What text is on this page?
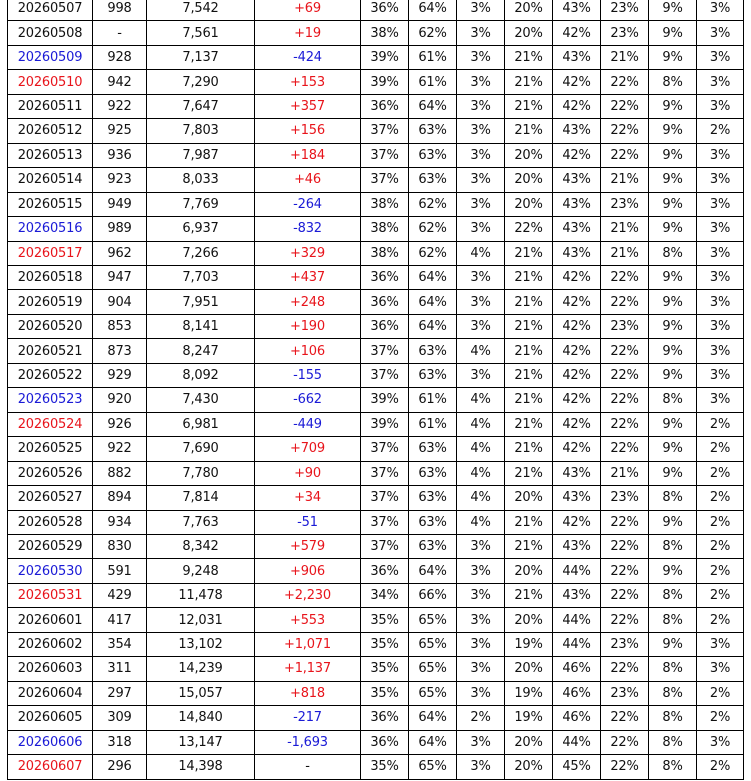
20260507	998	7,542	+69	36%	64%	3%	20%	43%	23%	9%	3%
20260508	-	7,561	+19	38%	62%	3%	20%	42%	23%	9%	3%
20260509	928	7,137	-424	39%	61%	3%	21%	43%	21%	9%	3%
20260510	942	7,290	+153	39%	61%	3%	21%	42%	22%	8%	3%
20260511	922	7,647	+357	36%	64%	3%	21%	42%	22%	9%	3%
20260512	925	7,803	+156	37%	63%	3%	21%	43%	22%	9%	2%
20260513	936	7,987	+184	37%	63%	3%	20%	42%	22%	9%	3%
20260514	923	8,033	+46	37%	63%	3%	20%	43%	21%	9%	3%
20260515	949	7,769	-264	38%	62%	3%	20%	43%	23%	9%	3%
20260516	989	6,937	-832	38%	62%	3%	22%	43%	21%	9%	3%
20260517	962	7,266	+329	38%	62%	4%	21%	43%	21%	8%	3%
20260518	947	7,703	+437	36%	64%	3%	21%	42%	22%	9%	3%
20260519	904	7,951	+248	36%	64%	3%	21%	42%	22%	9%	3%
20260520	853	8,141	+190	36%	64%	3%	21%	42%	23%	9%	3%
20260521	873	8,247	+106	37%	63%	4%	21%	42%	22%	9%	3%
20260522	929	8,092	-155	37%	63%	3%	21%	42%	22%	9%	3%
20260523	920	7,430	-662	39%	61%	4%	21%	42%	22%	8%	3%
20260524	926	6,981	-449	39%	61%	4%	21%	42%	22%	9%	2%
20260525	922	7,690	+709	37%	63%	4%	21%	42%	22%	9%	2%
20260526	882	7,780	+90	37%	63%	4%	21%	43%	21%	9%	2%
20260527	894	7,814	+34	37%	63%	4%	20%	43%	23%	8%	2%
20260528	934	7,763	-51	37%	63%	4%	21%	42%	22%	9%	2%
20260529	830	8,342	+579	37%	63%	3%	21%	43%	22%	8%	2%
20260530	591	9,248	+906	36%	64%	3%	20%	44%	22%	9%	2%
20260531	429	11,478	+2,230	34%	66%	3%	21%	43%	22%	8%	2%
20260601	417	12,031	+553	35%	65%	3%	20%	44%	22%	8%	2%
20260602	354	13,102	+1,071	35%	65%	3%	19%	44%	23%	9%	3%
20260603	311	14,239	+1,137	35%	65%	3%	20%	46%	22%	8%	3%
20260604	297	15,057	+818	35%	65%	3%	19%	46%	23%	8%	2%
20260605	309	14,840	-217	36%	64%	2%	19%	46%	22%	8%	2%
20260606	318	13,147	-1,693	36%	64%	3%	20%	44%	22%	8%	3%
20260607	296	14,398	-	35%	65%	3%	20%	45%	22%	8%	2%
